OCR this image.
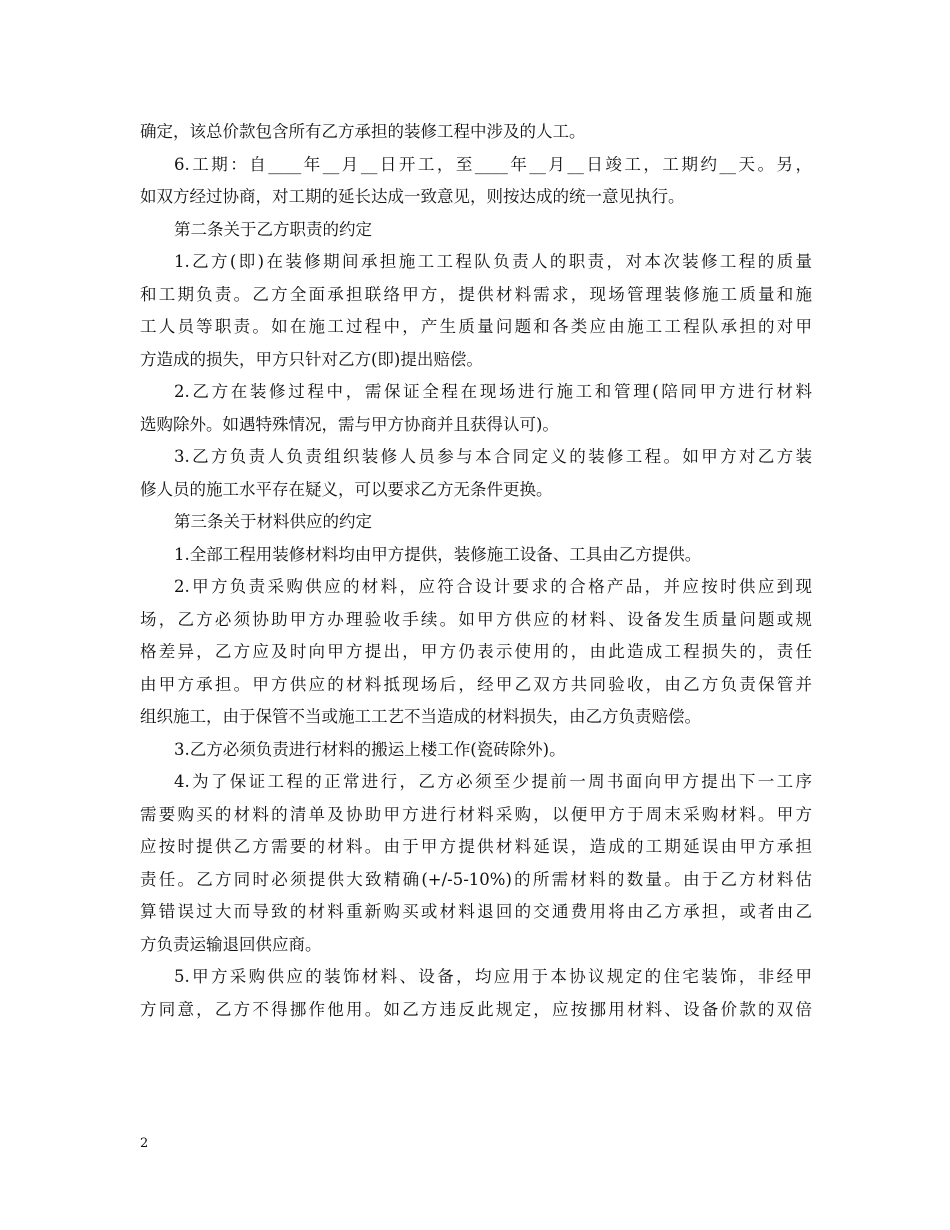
确定，该总价款包含所有乙方承担的装修工程中涉及的人工。
6.工期：自____年__月__日开工，至____年__月__日竣工，工期约__天。另，
如双方经过协商，对工期的延长达成一致意见，则按达成的统一意见执行。
第二条关于乙方职责的约定
1.乙方(即)在装修期间承担施工工程队负责人的职责，对本次装修工程的质量
和工期负责。乙方全面承担联络甲方，提供材料需求，现场管理装修施工质量和施
工人员等职责。如在施工过程中，产生质量问题和各类应由施工工程队承担的对甲
方造成的损失，甲方只针对乙方(即)提出赔偿。
2.乙方在装修过程中，需保证全程在现场进行施工和管理(陪同甲方进行材料
选购除外。如遇特殊情况，需与甲方协商并且获得认可)。
3.乙方负责人负责组织装修人员参与本合同定义的装修工程。如甲方对乙方装
修人员的施工水平存在疑义，可以要求乙方无条件更换。
第三条关于材料供应的约定
1.全部工程用装修材料均由甲方提供，装修施工设备、工具由乙方提供。
2.甲方负责采购供应的材料，应符合设计要求的合格产品，并应按时供应到现
场，乙方必须协助甲方办理验收手续。如甲方供应的材料、设备发生质量问题或规
格差异，乙方应及时向甲方提出，甲方仍表示使用的，由此造成工程损失的，责任
由甲方承担。甲方供应的材料抵现场后，经甲乙双方共同验收，由乙方负责保管并
组织施工，由于保管不当或施工工艺不当造成的材料损失，由乙方负责赔偿。
3.乙方必须负责进行材料的搬运上楼工作(瓷砖除外)。
4.为了保证工程的正常进行，乙方必须至少提前一周书面向甲方提出下一工序
需要购买的材料的清单及协助甲方进行材料采购，以便甲方于周末采购材料。甲方
应按时提供乙方需要的材料。由于甲方提供材料延误，造成的工期延误由甲方承担
责任。乙方同时必须提供大致精确(+/-5-10%)的所需材料的数量。由于乙方材料估
算错误过大而导致的材料重新购买或材料退回的交通费用将由乙方承担，或者由乙
方负责运输退回供应商。
5.甲方采购供应的装饰材料、设备，均应用于本协议规定的住宅装饰，非经甲
方同意，乙方不得挪作他用。如乙方违反此规定，应按挪用材料、设备价款的双倍
2
